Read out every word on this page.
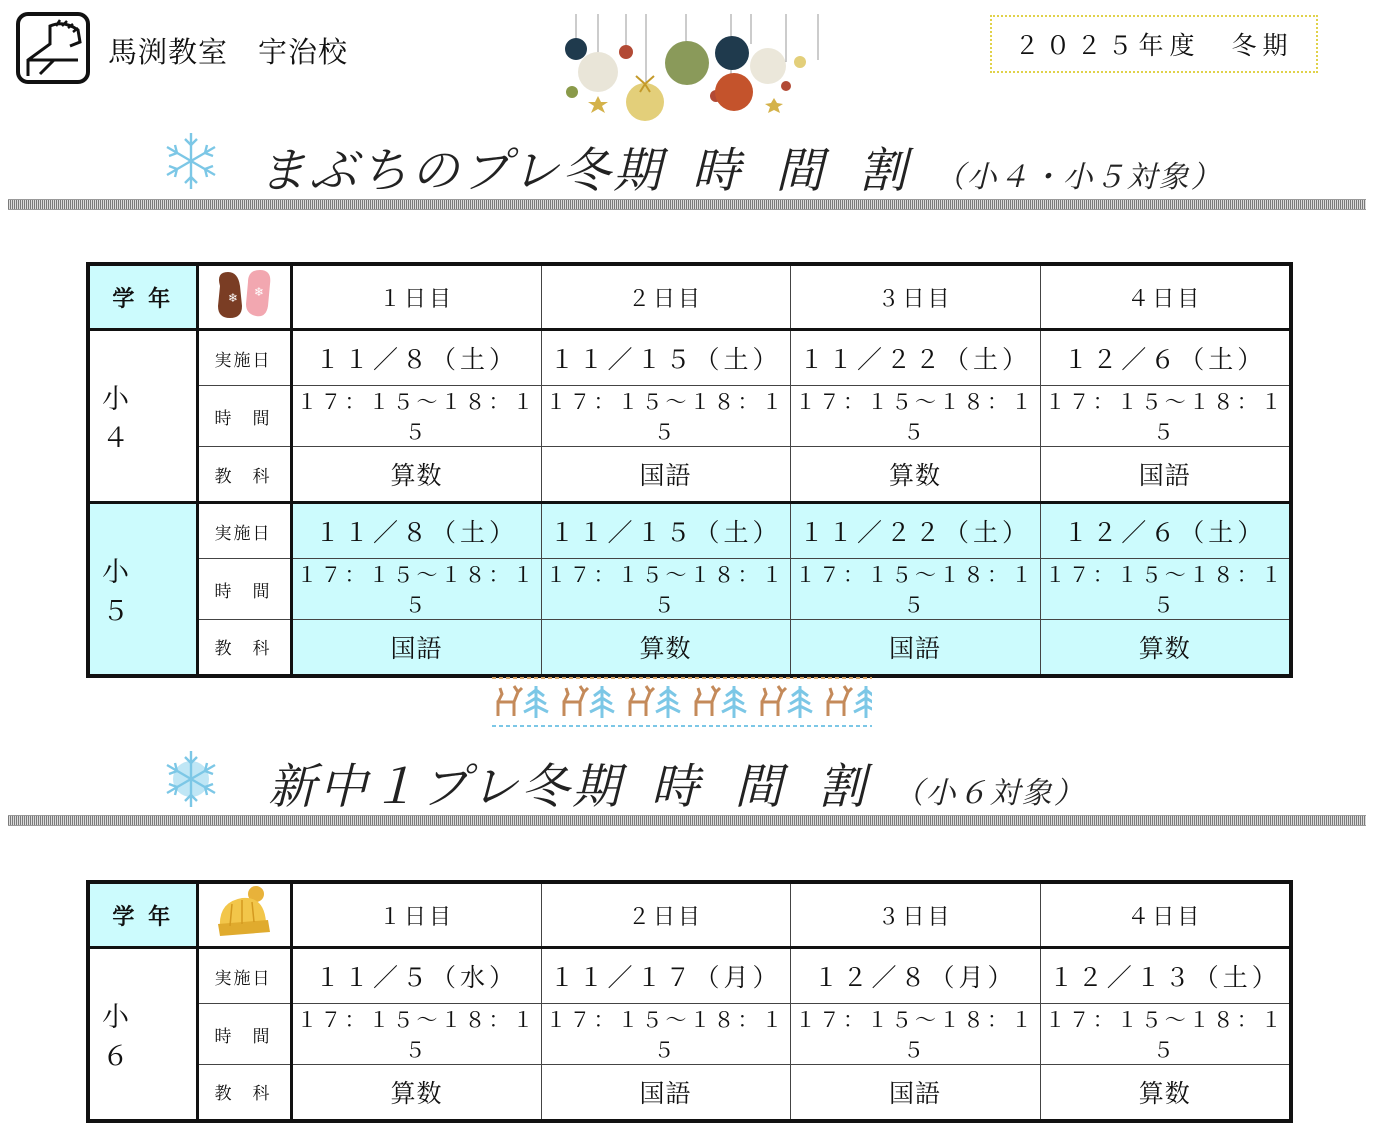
馬渕教室　宇治校	２０２５年度　冬期
まぶちのプレ冬期 時 間 割 （小４・小５対象）
学 年	❄ ❄	１日目	２日目	３日目	４日目
小　４	実施日	１１／８（土）	１１／１５（土）	１１／２２（土）	１２／６（土）
	時　間	１７：１５～１８：１５	１７：１５～１８：１５	１７：１５～１８：１５	１７：１５～１８：１５
	教　科	算数	国語	算数	国語
小　５	実施日	１１／８（土）	１１／１５（土）	１１／２２（土）	１２／６（土）
	時　間	１７：１５～１８：１５	１７：１５～１８：１５	１７：１５～１８：１５	１７：１５～１８：１５
	教　科	国語	算数	国語	算数
新中１プレ冬期 時 間 割 （小６対象）
学 年		１日目	２日目	３日目	４日目
小　６	実施日	１１／５（水）	１１／１７（月）	１２／８（月）	１２／１３（土）
	時　間	１７：１５～１８：１５	１７：１５～１８：１５	１７：１５～１８：１５	１７：１５～１８：１５
	教　科	算数	国語	国語	算数
